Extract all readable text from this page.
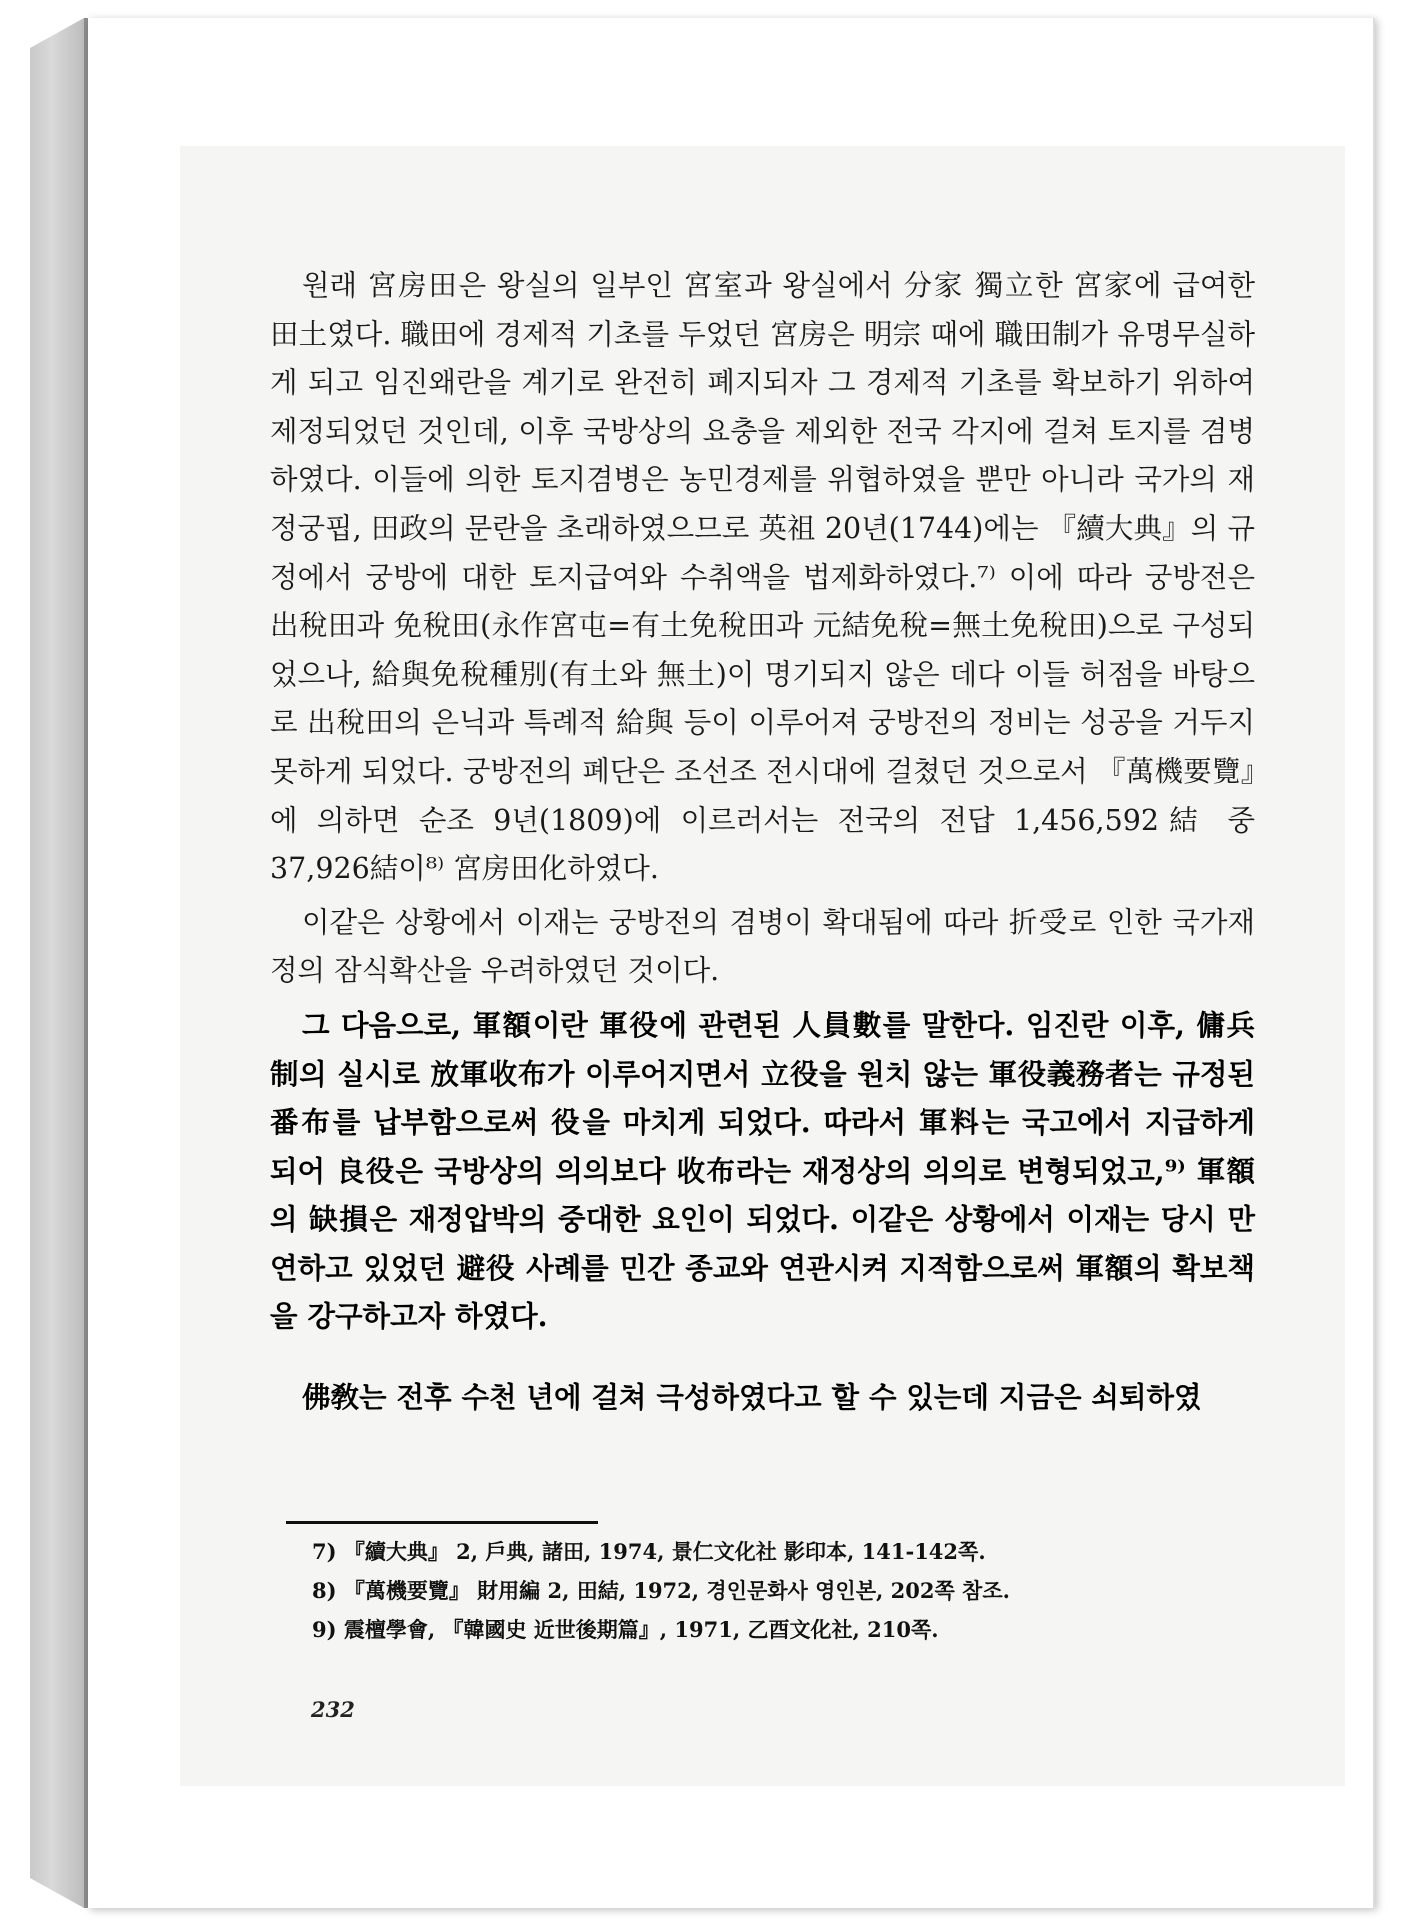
원래 宮房田은 왕실의 일부인 宮室과 왕실에서 分家 獨立한 宮家에 급여한 田土였다. 職田에 경제적 기초를 두었던 宮房은 明宗 때에 職田制가 유명무실하게 되고 임진왜란을 계기로 완전히 폐지되자 그 경제적 기초를 확보하기 위하여 제정되었던 것인데, 이후 국방상의 요충을 제외한 전국 각지에 걸쳐 토지를 겸병하였다. 이들에 의한 토지겸병은 농민경제를 위협하였을 뿐만 아니라 국가의 재정궁핍, 田政의 문란을 초래하였으므로 英祖 20년(1744)에는 『續大典』의 규정에서 궁방에 대한 토지급여와 수취액을 법제화하였다.⁷⁾ 이에 따라 궁방전은 出稅田과 免稅田(永作宮屯=有土免稅田과 元結免稅=無土免稅田)으로 구성되었으나, 給與免稅種別(有土와 無土)이 명기되지 않은 데다 이들 허점을 바탕으로 出稅田의 은닉과 특례적 給與 등이 이루어져 궁방전의 정비는 성공을 거두지 못하게 되었다. 궁방전의 폐단은 조선조 전시대에 걸쳤던 것으로서 『萬機要覽』에 의하면 순조 9년(1809)에 이르러서는 전국의 전답 1,456,592結 중 37,926結이⁸⁾ 宮房田化하였다.

이같은 상황에서 이재는 궁방전의 겸병이 확대됨에 따라 折受로 인한 국가재정의 잠식확산을 우려하였던 것이다.

그 다음으로, 軍額이란 軍役에 관련된 人員數를 말한다. 임진란 이후, 傭兵制의 실시로 放軍收布가 이루어지면서 立役을 원치 않는 軍役義務者는 규정된 番布를 납부함으로써 役을 마치게 되었다. 따라서 軍料는 국고에서 지급하게 되어 良役은 국방상의 의의보다 收布라는 재정상의 의의로 변형되었고,⁹⁾ 軍額의 缺損은 재정압박의 중대한 요인이 되었다. 이같은 상황에서 이재는 당시 만연하고 있었던 避役 사례를 민간 종교와 연관시켜 지적함으로써 軍額의 확보책을 강구하고자 하였다.

佛敎는 전후 수천 년에 걸쳐 극성하였다고 할 수 있는데 지금은 쇠퇴하였

7) 『續大典』 2, 戶典, 諸田, 1974, 景仁文化社 影印本, 141-142쪽.

8) 『萬機要覽』 財用編 2, 田結, 1972, 경인문화사 영인본, 202쪽 참조.

9) 震檀學會, 『韓國史 近世後期篇』, 1971, 乙酉文化社, 210쪽.

232
